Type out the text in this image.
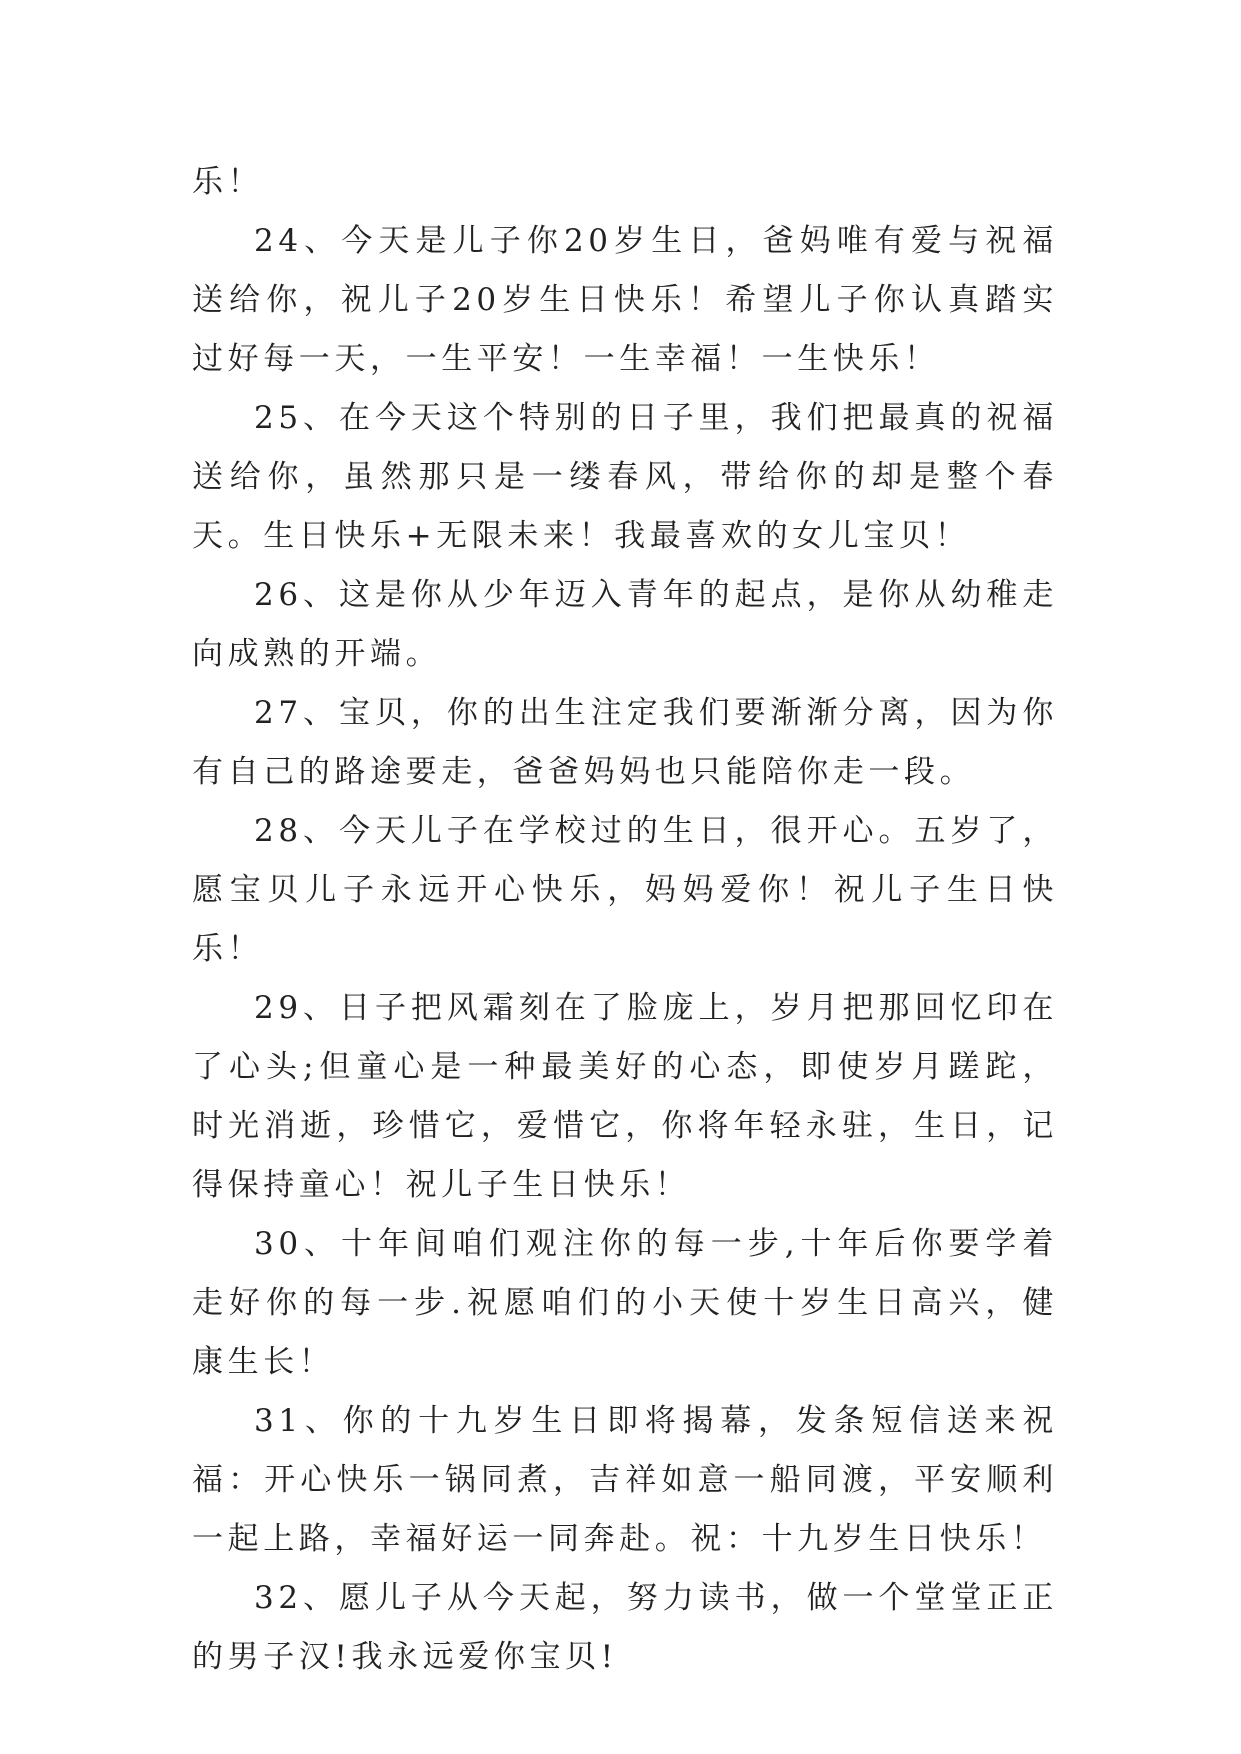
乐！

24、今天是儿子你20岁生日，爸妈唯有爱与祝福送给你，祝儿子20岁生日快乐！希望儿子你认真踏实过好每一天，一生平安！一生幸福！一生快乐！

25、在今天这个特别的日子里，我们把最真的祝福送给你，虽然那只是一缕春风，带给你的却是整个春天。生日快乐+无限未来！我最喜欢的女儿宝贝！

26、这是你从少年迈入青年的起点，是你从幼稚走向成熟的开端。

27、宝贝，你的出生注定我们要渐渐分离，因为你有自己的路途要走，爸爸妈妈也只能陪你走一段。

28、今天儿子在学校过的生日，很开心。五岁了，愿宝贝儿子永远开心快乐，妈妈爱你！祝儿子生日快乐！

29、日子把风霜刻在了脸庞上，岁月把那回忆印在了心头;但童心是一种最美好的心态，即使岁月蹉跎，时光消逝，珍惜它，爱惜它，你将年轻永驻，生日，记得保持童心！祝儿子生日快乐！

30、十年间咱们观注你的每一步,十年后你要学着走好你的每一步.祝愿咱们的小天使十岁生日高兴，健康生长！

31、你的十九岁生日即将揭幕，发条短信送来祝福：开心快乐一锅同煮，吉祥如意一船同渡，平安顺利一起上路，幸福好运一同奔赴。祝：十九岁生日快乐！

32、愿儿子从今天起，努力读书，做一个堂堂正正的男子汉!我永远爱你宝贝!
